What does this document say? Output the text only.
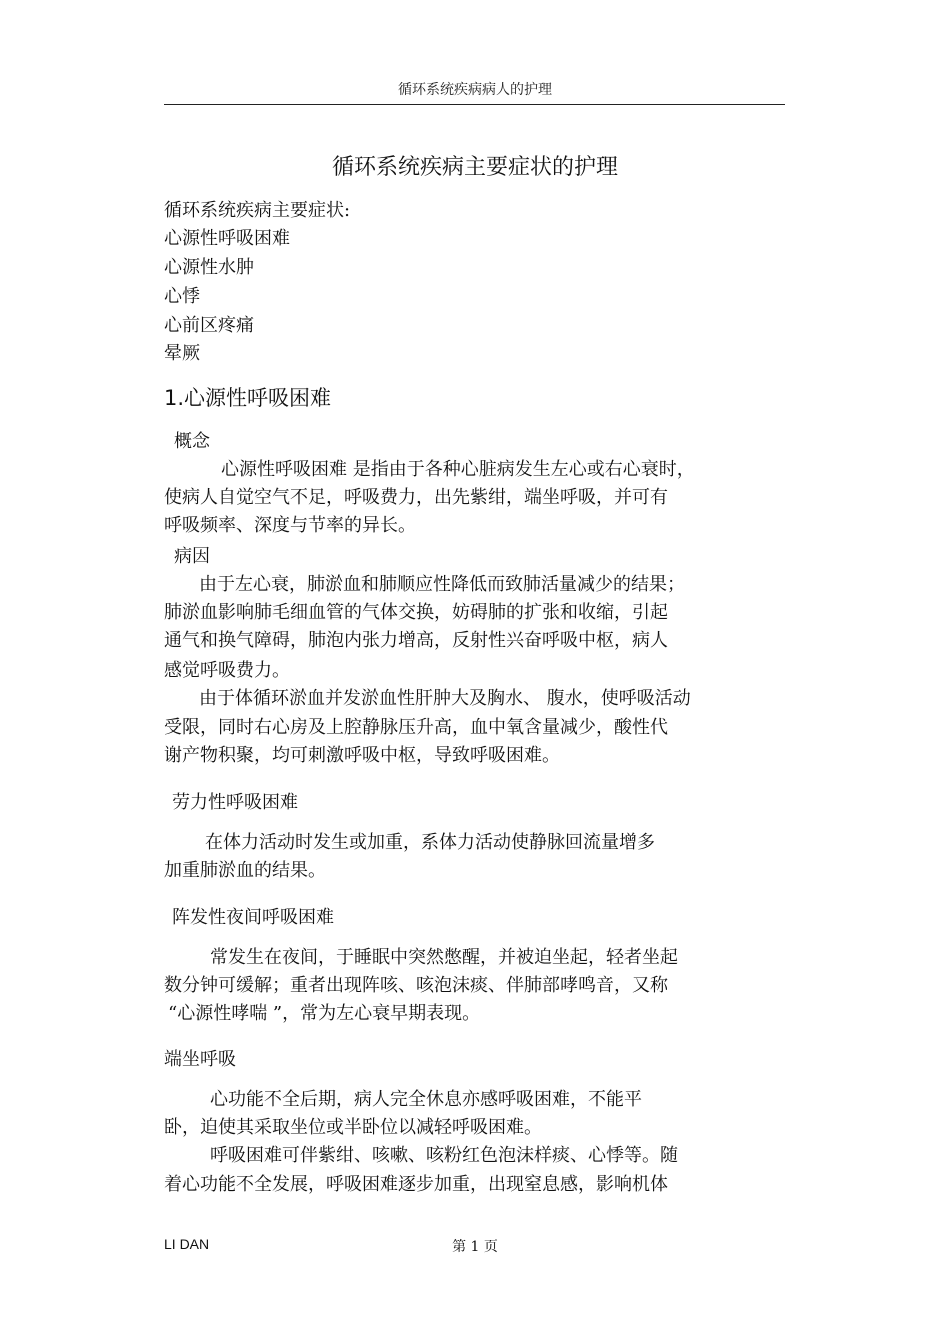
循环系统疾病病人的护理
循环系统疾病主要症状的护理
循环系统疾病主要症状:
心源性呼吸困难
心源性水肿
心悸
心前区疼痛
晕厥
1.心源性呼吸困难
概念
心源性呼吸困难 是指由于各种心脏病发生左心或右心衰时，
使病人自觉空气不足，呼吸费力，出先紫绀，端坐呼吸，并可有
呼吸频率、深度与节率的异长。
病因
由于左心衰，肺淤血和肺顺应性降低而致肺活量减少的结果；
肺淤血影响肺毛细血管的气体交换，妨碍肺的扩张和收缩，引起
通气和换气障碍，肺泡内张力增高，反射性兴奋呼吸中枢，病人
感觉呼吸费力。
由于体循环淤血并发淤血性肝肿大及胸水、 腹水，使呼吸活动
受限，同时右心房及上腔静脉压升高，血中氧含量减少，酸性代
谢产物积聚，均可刺激呼吸中枢，导致呼吸困难。
劳力性呼吸困难
在体力活动时发生或加重，系体力活动使静脉回流量增多
加重肺淤血的结果。
阵发性夜间呼吸困难
常发生在夜间，于睡眠中突然憋醒，并被迫坐起，轻者坐起
数分钟可缓解；重者出现阵咳、咳泡沫痰、伴肺部哮鸣音，又称
“心源性哮喘 ”，常为左心衰早期表现。
端坐呼吸
心功能不全后期，病人完全休息亦感呼吸困难，不能平
卧，迫使其采取坐位或半卧位以减轻呼吸困难。
呼吸困难可伴紫绀、咳嗽、咳粉红色泡沫样痰、心悸等。随
着心功能不全发展，呼吸困难逐步加重，出现窒息感，影响机体
LI DAN	第 1 页
